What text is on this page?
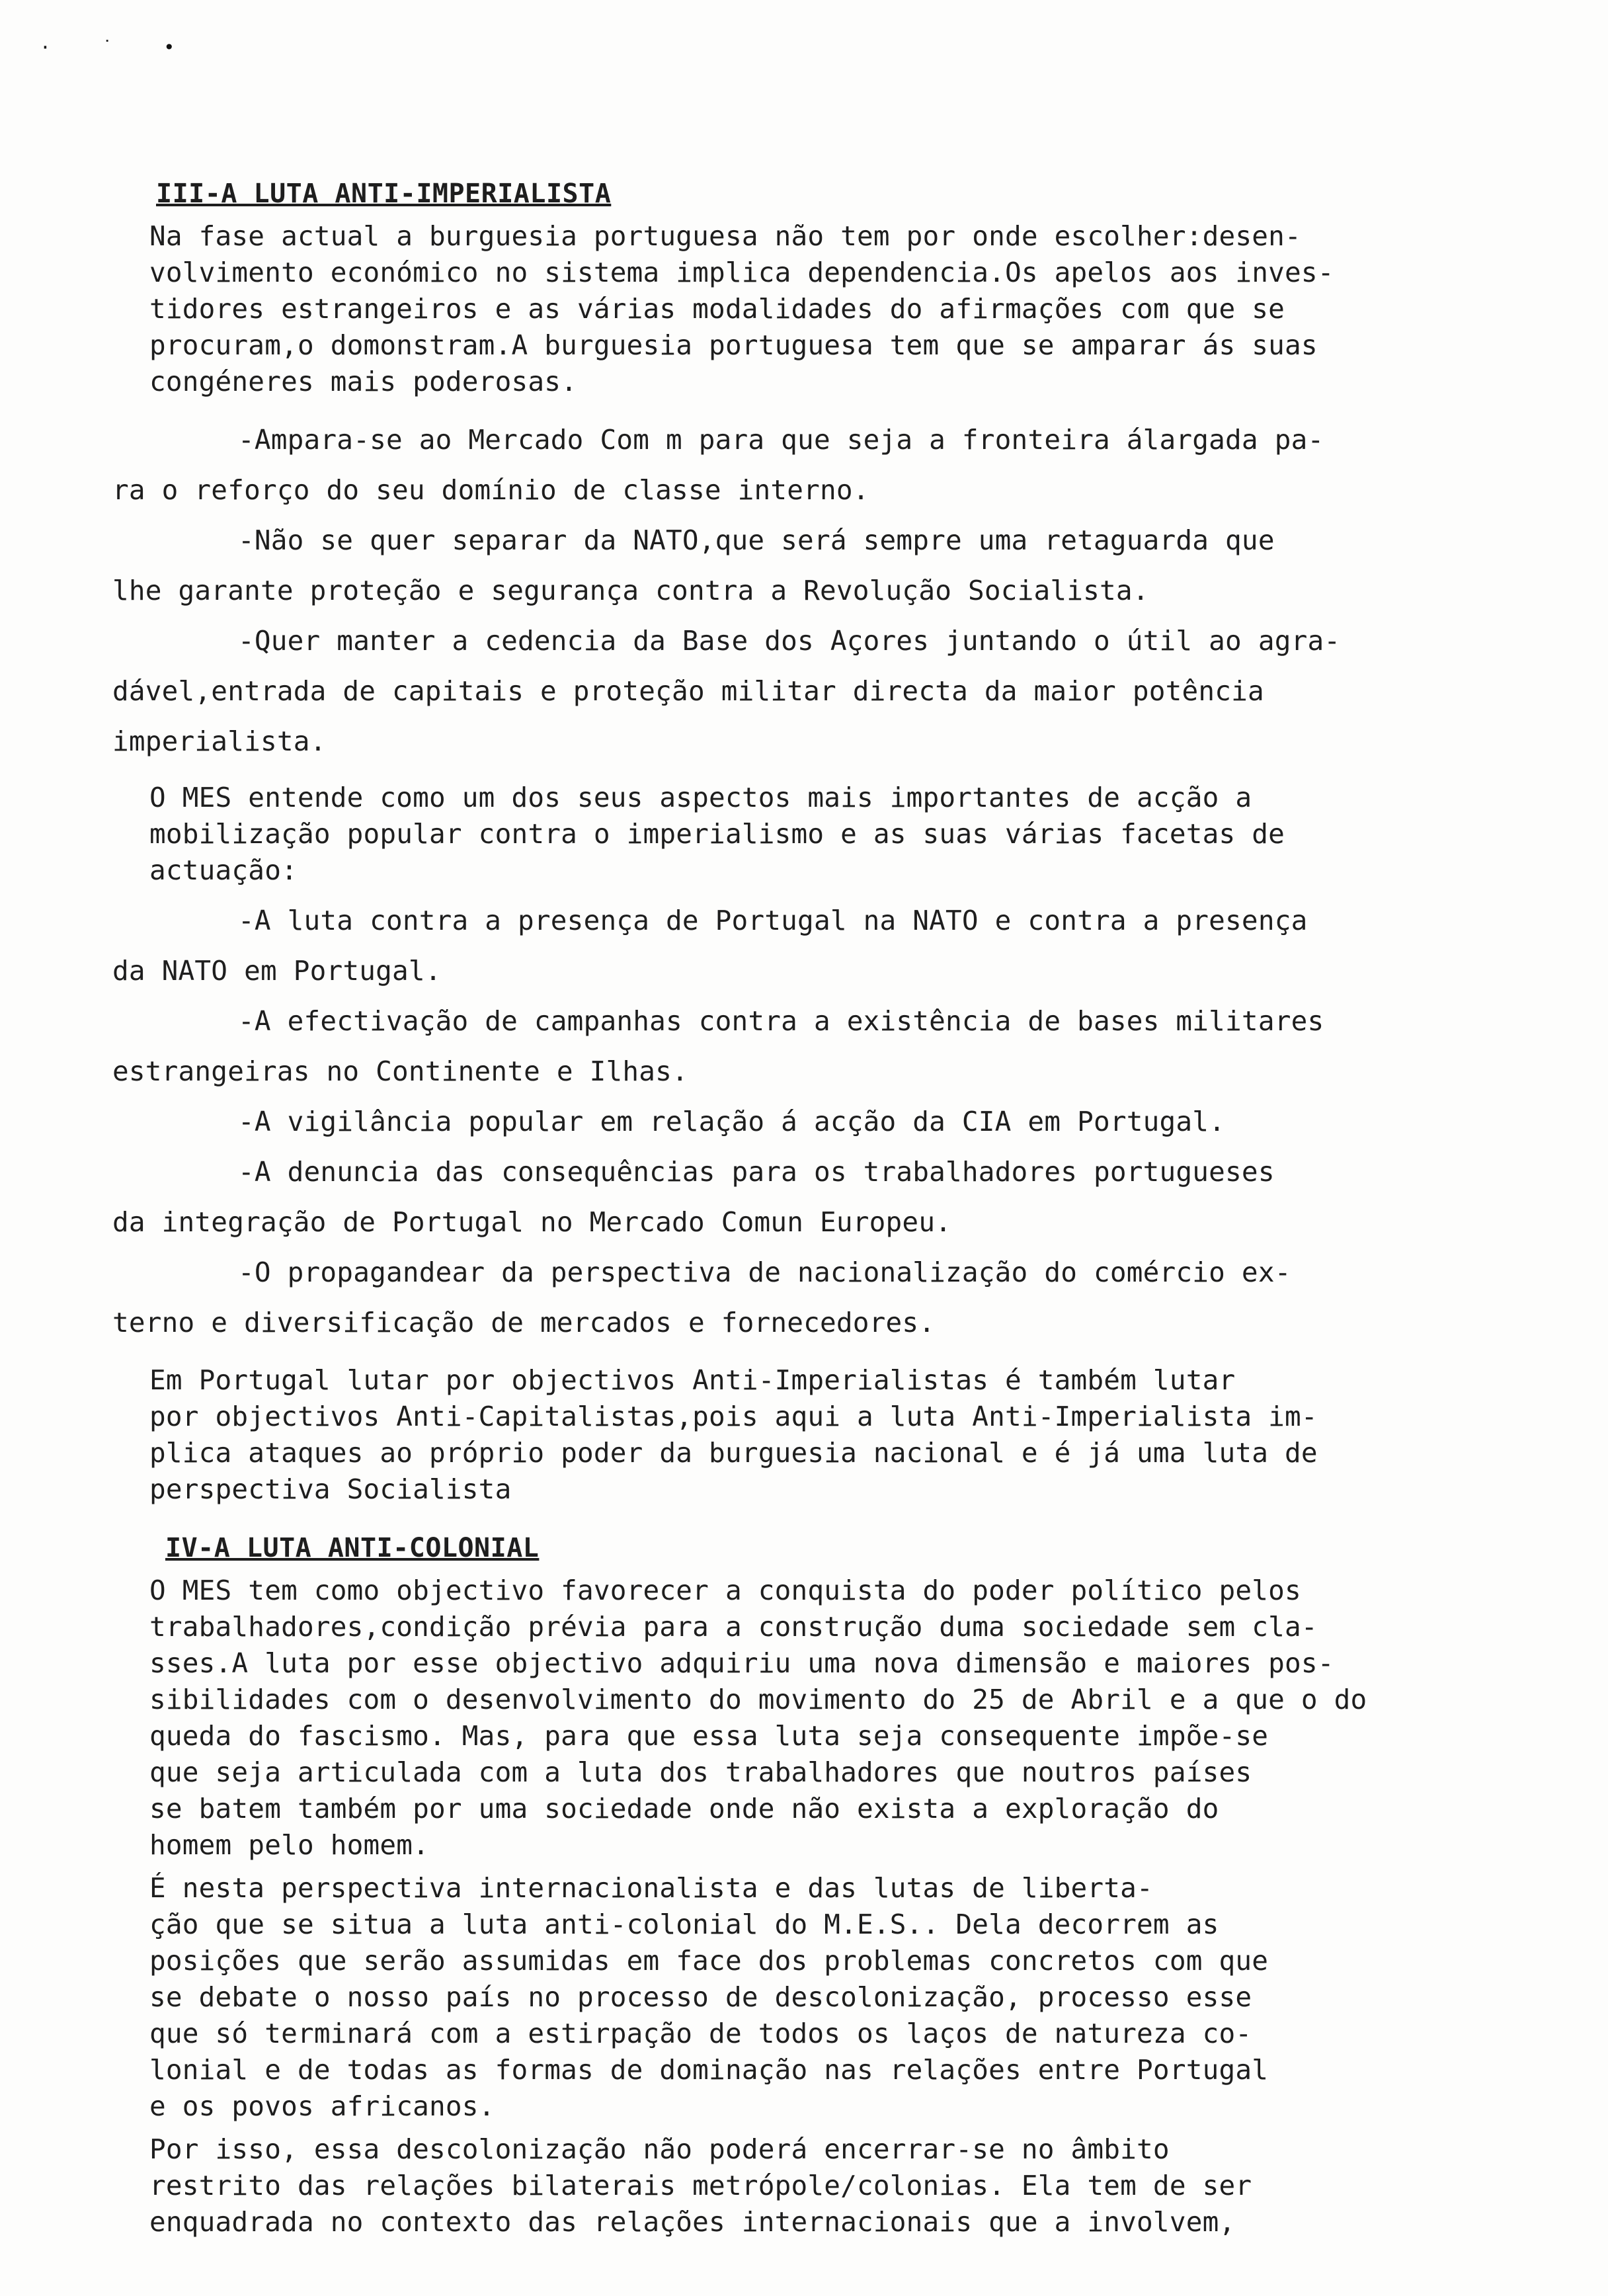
· ˙ •
III-A LUTA ANTI-IMPERIALISTA

Na fase actual a burguesia portuguesa não tem por onde escolher:desen-
volvimento económico no sistema implica dependencia.Os apelos aos inves-
tidores estrangeiros e as várias modalidades do afirmações com que se
procuram,o domonstram.A burguesia portuguesa tem que se amparar ás suas
congéneres mais poderosas.

-Ampara-se ao Mercado Com m para que seja a fronteira álargada pa-
ra o reforço do seu domínio de classe interno.

-Não se quer separar da NATO,que será sempre uma retaguarda que
lhe garante proteção e segurança contra a Revolução Socialista.

-Quer manter a cedencia da Base dos Açores juntando o útil ao agra-
dável,entrada de capitais e proteção militar directa da maior potência
imperialista.

O MES entende como um dos seus aspectos mais importantes de acção a
mobilização popular contra o imperialismo e as suas várias facetas de
actuação:

-A luta contra a presença de Portugal na NATO e contra a presença
da NATO em Portugal.

-A efectivação de campanhas contra a existência de bases militares
estrangeiras no Continente e Ilhas.

-A vigilância popular em relação á acção da CIA em Portugal.

-A denuncia das consequências para os trabalhadores portugueses
da integração de Portugal no Mercado Comun Europeu.

-O propagandear da perspectiva de nacionalização do comércio ex-
terno e diversificação de mercados e fornecedores.

Em Portugal lutar por objectivos Anti-Imperialistas é também lutar
por objectivos Anti-Capitalistas,pois aqui a luta Anti-Imperialista im-
plica ataques ao próprio poder da burguesia nacional e é já uma luta de
perspectiva Socialista

IV-A LUTA ANTI-COLONIAL

O MES tem como objectivo favorecer a conquista do poder político pelos
trabalhadores,condição prévia para a construção duma sociedade sem cla-
sses.A luta por esse objectivo adquiriu uma nova dimensão e maiores pos-
sibilidades com o desenvolvimento do movimento do 25 de Abril e a que o do
queda do fascismo. Mas, para que essa luta seja consequente impõe-se
que seja articulada com a luta dos trabalhadores que noutros países
se batem também por uma sociedade onde não exista a exploração do
homem pelo homem.

É nesta perspectiva internacionalista e das lutas de liberta-
ção que se situa a luta anti-colonial do M.E.S.. Dela decorrem as
posições que serão assumidas em face dos problemas concretos com que
se debate o nosso país no processo de descolonização, processo esse
que só terminará com a estirpação de todos os laços de natureza co-
lonial e de todas as formas de dominação nas relações entre Portugal
e os povos africanos.

Por isso, essa descolonização não poderá encerrar-se no âmbito
restrito das relações bilaterais metrópole/colonias. Ela tem de ser
enquadrada no contexto das relações internacionais que a involvem,
